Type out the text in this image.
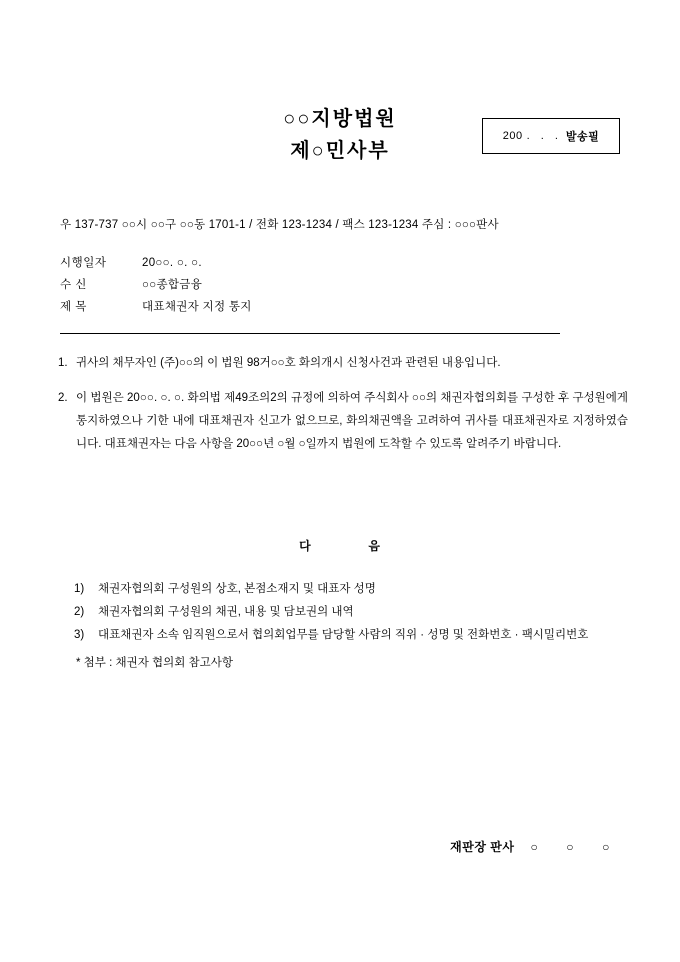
○○지방법원
제○민사부
200 . . . 발송필
우 137-737 ○○시 ○○구 ○○동 1701-1 / 전화 123-1234 / 팩스 123-1234 주심 : ○○○판사
시행일자	20○○. ○. ○.
수 신	○○종합금융
제 목	대표채권자 지정 통지
1. 귀사의 채무자인 (주)○○의 이 법원 98거○○호 화의개시 신청사건과 관련된 내용입니다.
2. 이 법원은 20○○. ○. ○. 화의법 제49조의2의 규정에 의하여 주식회사 ○○의 채권자협의회를 구성한 후 구성원에게 통지하였으나 기한 내에 대표채권자 신고가 없으므로, 화의채권액을 고려하여 귀사를 대표채권자로 지정하였습니다. 대표채권자는 다음 사항을 20○○년 ○월 ○일까지 법원에 도착할 수 있도록 알려주기 바랍니다.
다	음
1)	채권자협의회 구성원의 상호, 본점소재지 및 대표자 성명
2)	채권자협의회 구성원의 채권, 내용 및 담보권의 내역
3)	대표채권자 소속 임직원으로서 협의회업무를 담당할 사람의 직위 · 성명 및 전화번호 · 팩시밀리번호
* 첨부 : 채권자 협의회 참고사항
재판장 판사 ○ ○ ○
